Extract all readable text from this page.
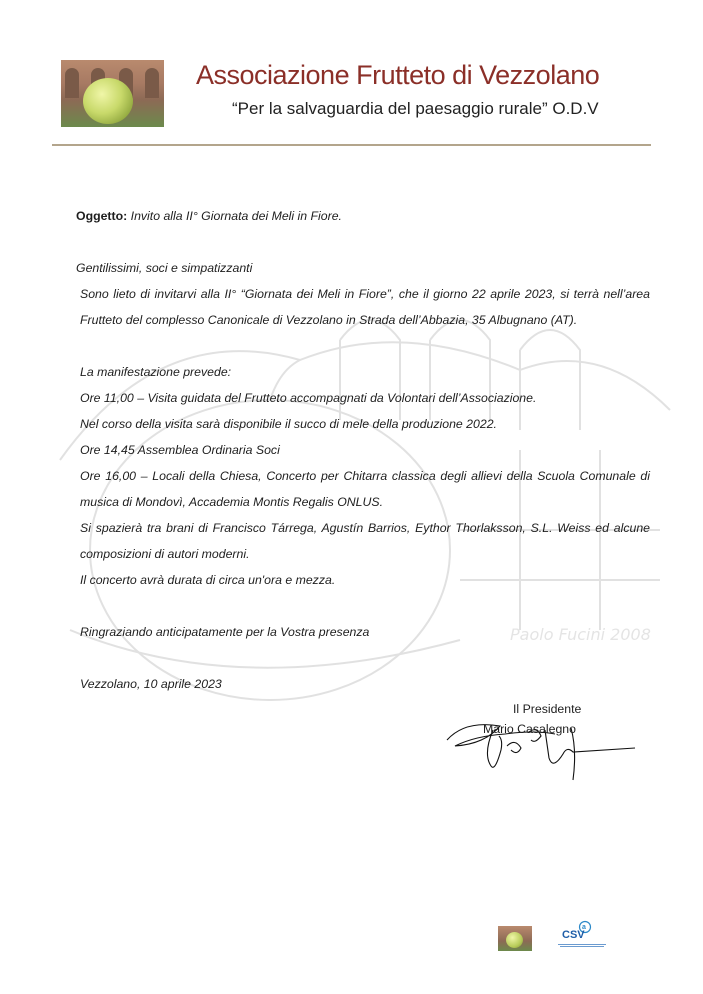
Paolo Fucini 2008
Associazione Frutteto di Vezzolano
“Per la salvaguardia del paesaggio rurale” O.D.V
Oggetto: Invito alla II° Giornata dei Meli in Fiore.
Gentilissimi, soci e simpatizzanti
Sono lieto di invitarvi alla II° “Giornata dei Meli in Fiore”, che il giorno 22 aprile 2023, si terrà nell’area
Frutteto del complesso Canonicale di Vezzolano in Strada dell’Abbazia, 35 Albugnano (AT).
La manifestazione prevede:
Ore 11,00 – Visita guidata del Frutteto accompagnati da Volontari dell’Associazione.
Nel corso della visita sarà disponibile il succo di mele della produzione 2022.
Ore 14,45 Assemblea Ordinaria Soci
Ore 16,00 – Locali della Chiesa, Concerto per Chitarra classica degli allievi della Scuola Comunale di
musica di Mondovì, Accademia Montis Regalis ONLUS.
Si spazierà tra brani di Francisco Tárrega, Agustín Barrios, Eythor Thorlaksson, S.L. Weiss ed alcune
composizioni di autori moderni.
Il concerto avrà durata di circa un'ora e mezza.
Ringraziando anticipatamente per la Vostra presenza
Vezzolano, 10 aprile 2023
Il Presidente
Mario Casalegno
CSV
a
